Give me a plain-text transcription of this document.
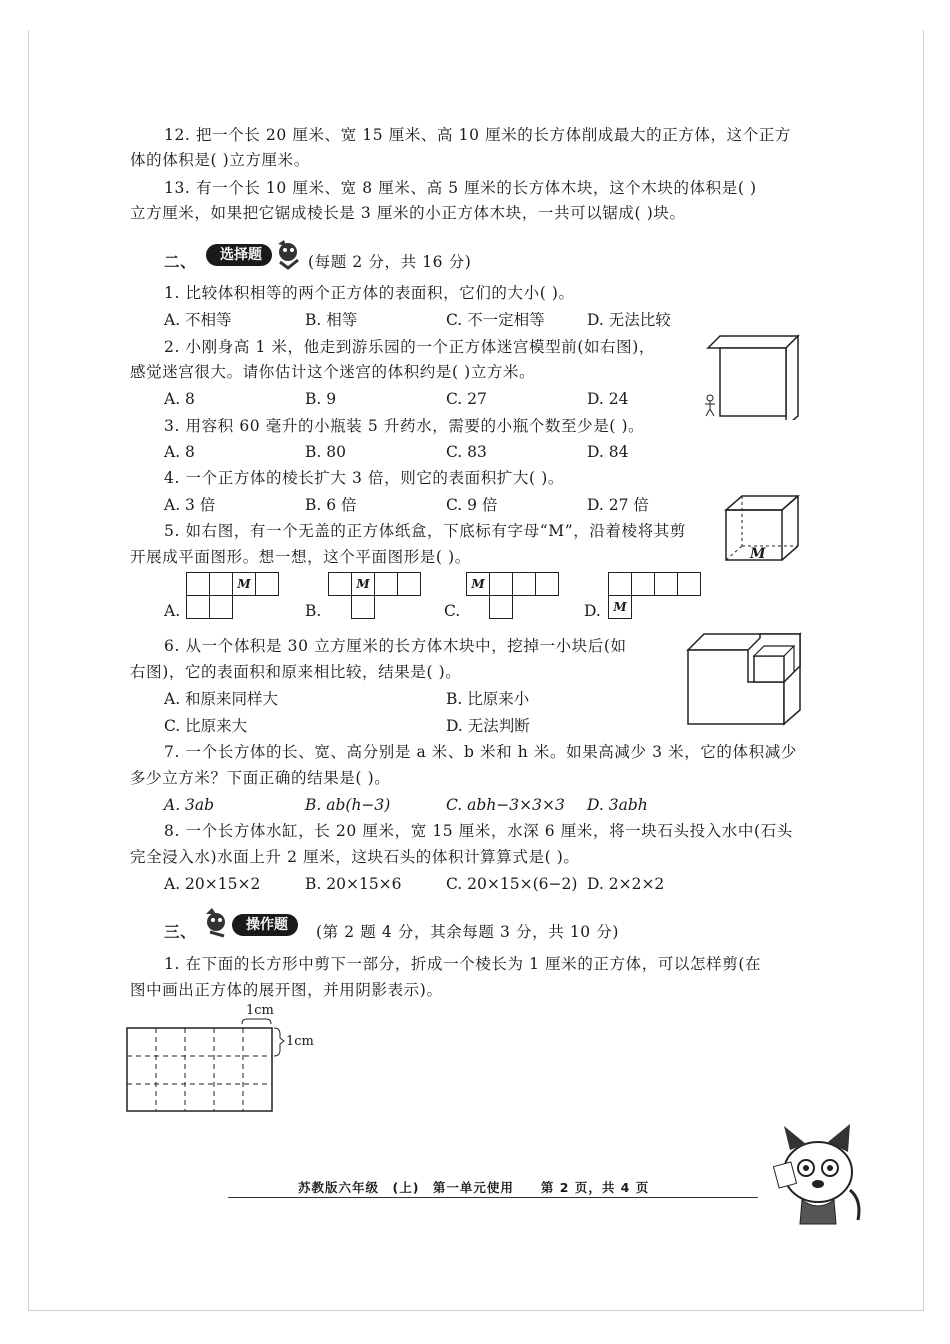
12. 把一个长 20 厘米、宽 15 厘米、高 10 厘米的长方体削成最大的正方体，这个正方
体的体积是( )立方厘米。
13. 有一个长 10 厘米、宽 8 厘米、高 5 厘米的长方体木块，这个木块的体积是( )
立方厘米，如果把它锯成棱长是 3 厘米的小正方体木块，一共可以锯成( )块。
二、	选择题	(每题 2 分，共 16 分)
1. 比较体积相等的两个正方体的表面积，它们的大小( )。
A. 不相等	B. 相等	C. 不一定相等	D. 无法比较
2. 小刚身高 1 米，他走到游乐园的一个正方体迷宫模型前(如右图)，
感觉迷宫很大。请你估计这个迷宫的体积约是( )立方米。
A. 8	B. 9	C. 27	D. 24
3. 用容积 60 毫升的小瓶装 5 升药水，需要的小瓶个数至少是( )。
A. 8	B. 80	C. 83	D. 84
4. 一个正方体的棱长扩大 3 倍，则它的表面积扩大( )。
A. 3 倍	B. 6 倍	C. 9 倍	D. 27 倍
5. 如右图，有一个无盖的正方体纸盒，下底标有字母“M”，沿着棱将其剪
开展成平面图形。想一想，这个平面图形是( )。	M
A.
M
B.
M
C.
M
D.	M
6. 从一个体积是 30 立方厘米的长方体木块中，挖掉一小块后(如
右图)，它的表面积和原来相比较，结果是( )。
A. 和原来同样大	B. 比原来小
C. 比原来大	D. 无法判断
7. 一个长方体的长、宽、高分别是 a 米、b 米和 h 米。如果高减少 3 米，它的体积减少
多少立方米？下面正确的结果是( )。
A. 3ab	B. ab(h−3)	C. abh−3×3×3 D. 3abh
8. 一个长方体水缸，长 20 厘米，宽 15 厘米，水深 6 厘米，将一块石头投入水中(石头
完全浸入水)水面上升 2 厘米，这块石头的体积计算算式是( )。
A. 20×15×2	B. 20×15×6	C. 20×15×(6−2) D. 2×2×2
三、	操作题	(第 2 题 4 分，其余每题 3 分，共 10 分)
1. 在下面的长方形中剪下一部分，折成一个棱长为 1 厘米的正方体，可以怎样剪(在
图中画出正方体的展开图，并用阴影表示)。
1cm
1cm
苏教版六年级　(上)　第一单元使用　　第 2 页，共 4 页
